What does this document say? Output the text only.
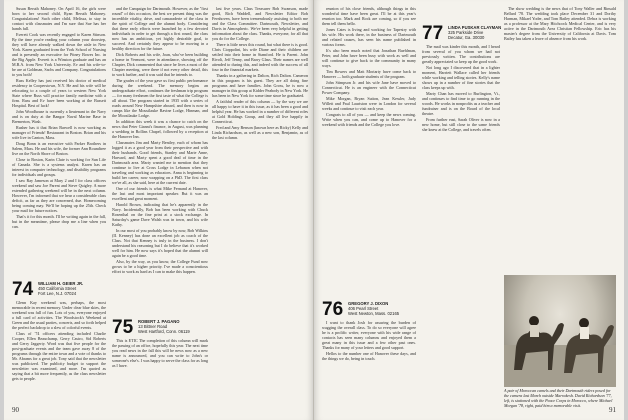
Susan Beruth Mahoney. On April 16, the girls were born to her second child, Ryan Beruth Mahoney. Congratulations! Such other child, Melissa, to stay in contact with classmates and I'm sure that Sue has her hands full.

Everett Cook was recently engaged to Karen Stinson. By the time you're reading your column your doorstep, they will have already walked down the aisle in New York. Karen graduated from the York School of Nursing and is presently an executive for Pitney Bowes Inc. in the Big Apple. Everett is a Winston graduate and has an M.B.A. from New York University. Ev and his wife-to-be are at Goldman, Sachs and Company. Congratulations to you both!

Russ Kelley has just received his doctor of medical residency in Cooperstown, N.Y. He and his wife will be relocating to a couple of years to western New York State where Russ will practice family medicine with a firm. Russ and Ev have been working at the Bassett Hospital. Best of luck!

John Woodhouse is currently a lieutenant in the Navy and is on duty at the Bangor Naval Marine Base in Bremerton, Wash.

Rusher has it that Brian Barwell is now working as manager of Friends! Restaurant in Boston. Brian and his wife live in Canton, Mass.

Doug Bonn is an executive with Parker Brothers in Salem, Mass. He and his wife, the former Ann Roundtree live on the North Shore of Boston.

Close to Boston, Karin Clute is working for Sun Life of Canada. She is a systems analyst. Karen has an interest in computer technology, and disability programs for individuals and groups.

I saw Ray Jameson at Mary 2 and I for class officers weekend and saw Joe Parent and Steve Quigley. A more extended gathering weekend will be in the next column. However, I'm informed that we hear a considerable class deficit, as far as they are concerned, due. Homecoming being coming may. We'll be hoping up the 25th. Check your mail for future notices.

That's it for this month. I'll be writing again in the fall, but in the meantime, please drop me a line when you can.

74 WILLIAM H. GEIER JR.
450 California Street
Fort Lee, N.J. 07024

Glenn Kay weekend was, perhaps, the most memorable in recent memory. Under clear blue skies, the weekend was full of fun. Lots of you, everyone enjoyed a full card of activities. The Woodstock's Weekend at Green and the usual parties, concerts, and so forth helped the perfect backdrop to a slew of colorful events.

Class of '74 officers attending included Charlie Cooper, Ellen Beauchamp, Gerry Castro, Sid Roberts and Gerry Jaggerty. Word was that five people for the post-graduate events and the team gave away 8 of the programs through the entire town and a vote of thanks to Mr. Abrams for a great job. Tony said that the newsletter was publicized. The publicity budget to support the newsletter was examined, and more. I'm quoted as saying that a bit more frequently, as the class newsletter gets to people.

and the Campaign for Dartmouth. However, as the "first round" of this occasion, the best we present thing was the incredible vitality, drive, and camaraderie of the class in the spirit of College and the alumni body. Considering that these early efforts were launched by a few devoted individuals in order to get through a first round, the class now has an ambitious, yet highly desirable goal, to succeed. And certainly they appear to be moving in a healthy direction for the future.

Dick Roberts and his wife, Joan, who've been building a home in Vermont, were in attendance, showing off the Chapter, Dick commented that since he lives a most of the Chapter meeting, were there if not every other detail, this to work further, and it was said that he intends to.

The grades of the year gave us first public performance during the weekend. The memory begins an undergraduate effort, continues the freshman trip program — for many freshmen the first taste of what the College is all about. The program started in 1935 with a series of roads around New Hampshire aboard, and then is now in camps like the Mousilauke Ravine Lodge, Hinman, and the Moosilauke Lodge.

In addition this week it was a chance to catch on the news that Peter Gianni's finance, in August, was planning a wedding in Rollins Chapel, followed by a reception at the Hanover Inn.

Classmates Jim and Marty Bentley, each of whom has logged it as a good year from their perspective and with their husbands. Good friends, Stanley and Marie Anne, Harvard, and Marty spent a good deal of time in the Dartmouth area. Marty wanted me to mention that they continue to live at Cross Lodge in Lebanon when not traveling and working as educators. Anna is beginning to build her career, now wrapping on a PhD. The first class we've all, as she said, here at the current date.

One of our friends is what Mike Fernand at Hanover, the last and most important speaker. But it was an excellent and great moment.

Harold Brown, indicating that he's apparently in the Navy. Incidentally, Bob has been working with Chuck Rosenthal on the fine print at a stock exchange. In Saturday's game Dave Walsh was in town, and his wife Kathy.

In our most of you probably know by now, Bob Wilkins (II. Kenney) has done an excellent job as coach of the Class. Not that Kenney is truly in the business. I don't understand his reasoning but I do believe that it's worked well for him. He now says it's hoped that the alumni will again be a good time.

Also, by the way, as you know, the College Fund now grows to be a higher priority. I've made a conscientious effort to work as hard as I can to make this happen.

75 ROBERT J. PAGANO
13 Bittner Road
West Hartford, Conn. 06119

This is ETIC The completion of this column will mark the passing of an office, hopefully this year. The next time you read news in the fall this will be news now as a new name is announced, and you can write to John's or someone's else's. I was happy to serve the class for as long as I have.

last five years. Class Treasurer Bob Swanson, made good, Rich Waddell, and Newsletter Editor Bob Fernhoven, have been tremendously assisting to both me and the Class Committee. Dartmouth, Newsletter, and Davis in Atmospheric. We've been very helpful in getting information about the class. Thanks, everyone, for all that you do for the College.

There is little news this round, but what there is is good. Chris Cioppolini, his wife Diane and their children are settled into their home in Stamford. He is Parent. John Rivoli, Jeff Tenny, and Barry Glass. Their names are well attended to during this, and indeed with the success of all four in the financial markets.

Thanks in a gathering in Dalton, Rich Dalton. Cameron in this program is his guest. They are all doing fine programs and have families. John Gross, he is now a manager in this group at Kidder Peabody in New York. He has been in New York for some time since he graduated.

A faithful reader of this column — by the way we are all happy to have it in this issue, as it has been a good and helpful year. He has worked in a number of different roles at Gold Holdings Group, and they all live happily in Connecticut.

Fred and Amy Benson (known here as Ricky) Kelly and Linda Richardson, as well as a new son, Benjamin, as of the last column.

90
76 GREGORY J. DIXON
406 Pearl Street
West Newton, Mass. 02165

reunion of his close friends, although things in this wonderful time have been great. I'll be at this year's reunion too. Mark and Rock are coming, so if you see them tell them hello.

Jones Cates is living and working for Tapestry with his wife. His work there, in the business of Dartmouth and related causes, has seen his name published in various forms.

It's also been much noted that Jonathan Buehlman, Peter, and John have been busy with work as well and will continue to give back to the community in many ways.

Tim Bowers and Matt Moriarty have come back to Hanover — both graduate students of the program.

John Stimpson Jr. and his wife Jane have moved to Connecticut. He is an engineer with the Connecticut Power Company.

Mike Morgan, Bryan Sutton, Jean Kessler, Judy Willett and Paul Lauriston were in London for several weeks and continue to visit each year.

Congrats to all of you — and keep the news coming. Write when you can, and come up to Hanover for a weekend with friends and the College you love.

I want to thank Josh for assuring the burden of wagging the overall class. To do so everyone will agree he is a prolific writer, everyone with his wide range of contacts has seen many columns and enjoyed them a great many in this issue and a few other past ones. Thanks for many of your letters and good support.

Hellos to the number one of Hanover these days, and the things we do, being in touch.

77 LINDA PUSKAR CLAYMAN
325 Parkside Drive
Decatur, Ga. 30030

The mail was kinder this month, and I heard from several of you whom we had not previously written. The contributions are greatly appreciated so keep up the good work.

Not long ago I discovered that in a lighter moment, Harriett Wallace called her friends while working and telling stories. Kelly's name shows up in a number of fine stories that the class keeps up with.

Marty Chan has moved to Burlington, Vt., and continues to find time to go running in the woods. He works in nonprofits as a teacher and fundraiser and is on the Board of the local theatre.

From further east, Sarah Oliver is now in a new home, but still close to the same friends she knew at the College, and travels often.

The show wedding is the news that of Tony Waller and Rinsald Bellard '78. The wedding took place December 31 and Dorthy Harman, Mikael Yoder, and Tom Bailey attended. Debra is working as a professor at the Mary Hitchcock Medical Center, and is very active in the Dartmouth Area Christian Fellowship. Eric has his master's degree from the University of California at Davis. Tom Bailey has taken a leave of absence from his work.

A pair of Moroccan camels and their Dartmouth riders posed for the camera last March outside Marrakesh. David Richardson '77, left, is stationed with the Peace Corps in Morocco, where Michael Morgan '78, right, paid him a memorable visit.
91
